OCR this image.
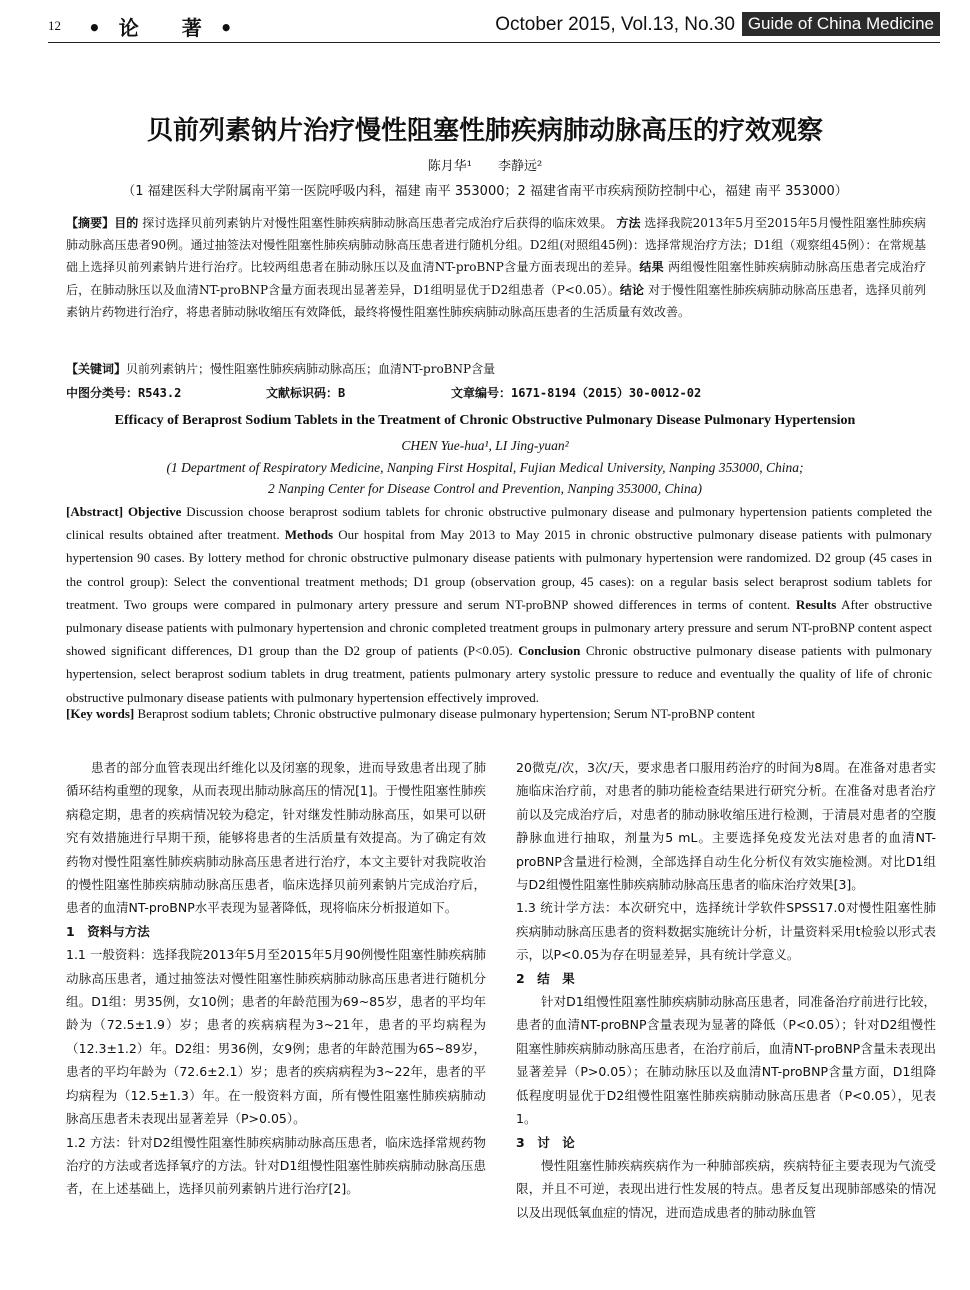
12 •论 著•	October 2015, Vol.13, No.30 Guide of China Medicine
贝前列素钠片治疗慢性阻塞性肺疾病肺动脉高压的疗效观察
陈月华¹　　李静远²
（1 福建医科大学附属南平第一医院呼吸内科，福建 南平 353000；2 福建省南平市疾病预防控制中心，福建 南平 353000）
【摘要】目的 探讨选择贝前列素钠片对慢性阻塞性肺疾病肺动脉高压患者完成治疗后获得的临床效果。 方法 选择我院2013年5月至2015年5月慢性阻塞性肺疾病肺动脉高压患者90例。通过抽签法对慢性阻塞性肺疾病肺动脉高压患者进行随机分组。D2组(对照组45例)：选择常规治疗方法；D1组（观察组45例）：在常规基础上选择贝前列素钠片进行治疗。比较两组患者在肺动脉压以及血清NT-proBNP含量方面表现出的差异。结果 两组慢性阻塞性肺疾病肺动脉高压患者完成治疗后，在肺动脉压以及血清NT-proBNP含量方面表现出显著差异，D1组明显优于D2组患者（P<0.05）。结论 对于慢性阻塞性肺疾病肺动脉高压患者，选择贝前列素钠片药物进行治疗，将患者肺动脉收缩压有效降低，最终将慢性阻塞性肺疾病肺动脉高压患者的生活质量有效改善。
【关键词】贝前列素钠片；慢性阻塞性肺疾病肺动脉高压；血清NT-proBNP含量
中图分类号：R543.2	文献标识码：B	文章编号：1671-8194（2015）30-0012-02
Efficacy of Beraprost Sodium Tablets in the Treatment of Chronic Obstructive Pulmonary Disease Pulmonary Hypertension
CHEN Yue-hua¹, LI Jing-yuan²
(1 Department of Respiratory Medicine, Nanping First Hospital, Fujian Medical University, Nanping 353000, China;
2 Nanping Center for Disease Control and Prevention, Nanping 353000, China)
[Abstract] Objective Discussion choose beraprost sodium tablets for chronic obstructive pulmonary disease and pulmonary hypertension patients completed the clinical results obtained after treatment. Methods Our hospital from May 2013 to May 2015 in chronic obstructive pulmonary disease patients with pulmonary hypertension 90 cases. By lottery method for chronic obstructive pulmonary disease patients with pulmonary hypertension were randomized. D2 group (45 cases in the control group): Select the conventional treatment methods; D1 group (observation group, 45 cases): on a regular basis select beraprost sodium tablets for treatment. Two groups were compared in pulmonary artery pressure and serum NT-proBNP showed differences in terms of content. Results After obstructive pulmonary disease patients with pulmonary hypertension and chronic completed treatment groups in pulmonary artery pressure and serum NT-proBNP content aspect showed significant differences, D1 group than the D2 group of patients (P<0.05). Conclusion Chronic obstructive pulmonary disease patients with pulmonary hypertension, select beraprost sodium tablets in drug treatment, patients pulmonary artery systolic pressure to reduce and eventually the quality of life of chronic obstructive pulmonary disease patients with pulmonary hypertension effectively improved.
[Key words] Beraprost sodium tablets; Chronic obstructive pulmonary disease pulmonary hypertension; Serum NT-proBNP content

患者的部分血管表现出纤维化以及闭塞的现象，进而导致患者出现了肺循环结构重塑的现象，从而表现出肺动脉高压的情况[1]。于慢性阻塞性肺疾病稳定期，患者的疾病情况较为稳定，针对继发性肺动脉高压，如果可以研究有效措施进行早期干预，能够将患者的生活质量有效提高。为了确定有效药物对慢性阻塞性肺疾病肺动脉高压患者进行治疗，本文主要针对我院收治的慢性阻塞性肺疾病肺动脉高压患者，临床选择贝前列素钠片完成治疗后，患者的血清NT-proBNP水平表现为显著降低，现将临床分析报道如下。

1　资料与方法

1.1 一般资料：选择我院2013年5月至2015年5月90例慢性阻塞性肺疾病肺动脉高压患者，通过抽签法对慢性阻塞性肺疾病肺动脉高压患者进行随机分组。D1组：男35例，女10例；患者的年龄范围为69~85岁，患者的平均年龄为（72.5±1.9）岁；患者的疾病病程为3~21年，患者的平均病程为（12.3±1.2）年。D2组：男36例，女9例；患者的年龄范围为65~89岁，患者的平均年龄为（72.6±2.1）岁；患者的疾病病程为3~22年，患者的平均病程为（12.5±1.3）年。在一般资料方面，所有慢性阻塞性肺疾病肺动脉高压患者未表现出显著差异（P>0.05）。

1.2 方法：针对D2组慢性阻塞性肺疾病肺动脉高压患者，临床选择常规药物治疗的方法或者选择氧疗的方法。针对D1组慢性阻塞性肺疾病肺动脉高压患者，在上述基础上，选择贝前列素钠片进行治疗[2]。

20微克/次，3次/天，要求患者口服用药治疗的时间为8周。在准备对患者实施临床治疗前，对患者的肺功能检查结果进行研究分析。在准备对患者治疗前以及完成治疗后，对患者的肺动脉收缩压进行检测，于清晨对患者的空腹静脉血进行抽取，剂量为5 mL。主要选择免疫发光法对患者的血清NT-proBNP含量进行检测，全部选择自动生化分析仪有效实施检测。对比D1组与D2组慢性阻塞性肺疾病肺动脉高压患者的临床治疗效果[3]。

1.3 统计学方法：本次研究中，选择统计学软件SPSS17.0对慢性阻塞性肺疾病肺动脉高压患者的资料数据实施统计分析，计量资料采用t检验以形式表示，以P<0.05为存在明显差异，具有统计学意义。

2　结　果

针对D1组慢性阻塞性肺疾病肺动脉高压患者，同准备治疗前进行比较，患者的血清NT-proBNP含量表现为显著的降低（P<0.05）；针对D2组慢性阻塞性肺疾病肺动脉高压患者，在治疗前后，血清NT-proBNP含量未表现出显著差异（P>0.05）；在肺动脉压以及血清NT-proBNP含量方面，D1组降低程度明显优于D2组慢性阻塞性肺疾病肺动脉高压患者（P<0.05），见表1。

3　讨　论

慢性阻塞性肺疾病疾病作为一种肺部疾病，疾病特征主要表现为气流受限，并且不可逆，表现出进行性发展的特点。患者反复出现肺部感染的情况以及出现低氧血症的情况，进而造成患者的肺动脉血管
